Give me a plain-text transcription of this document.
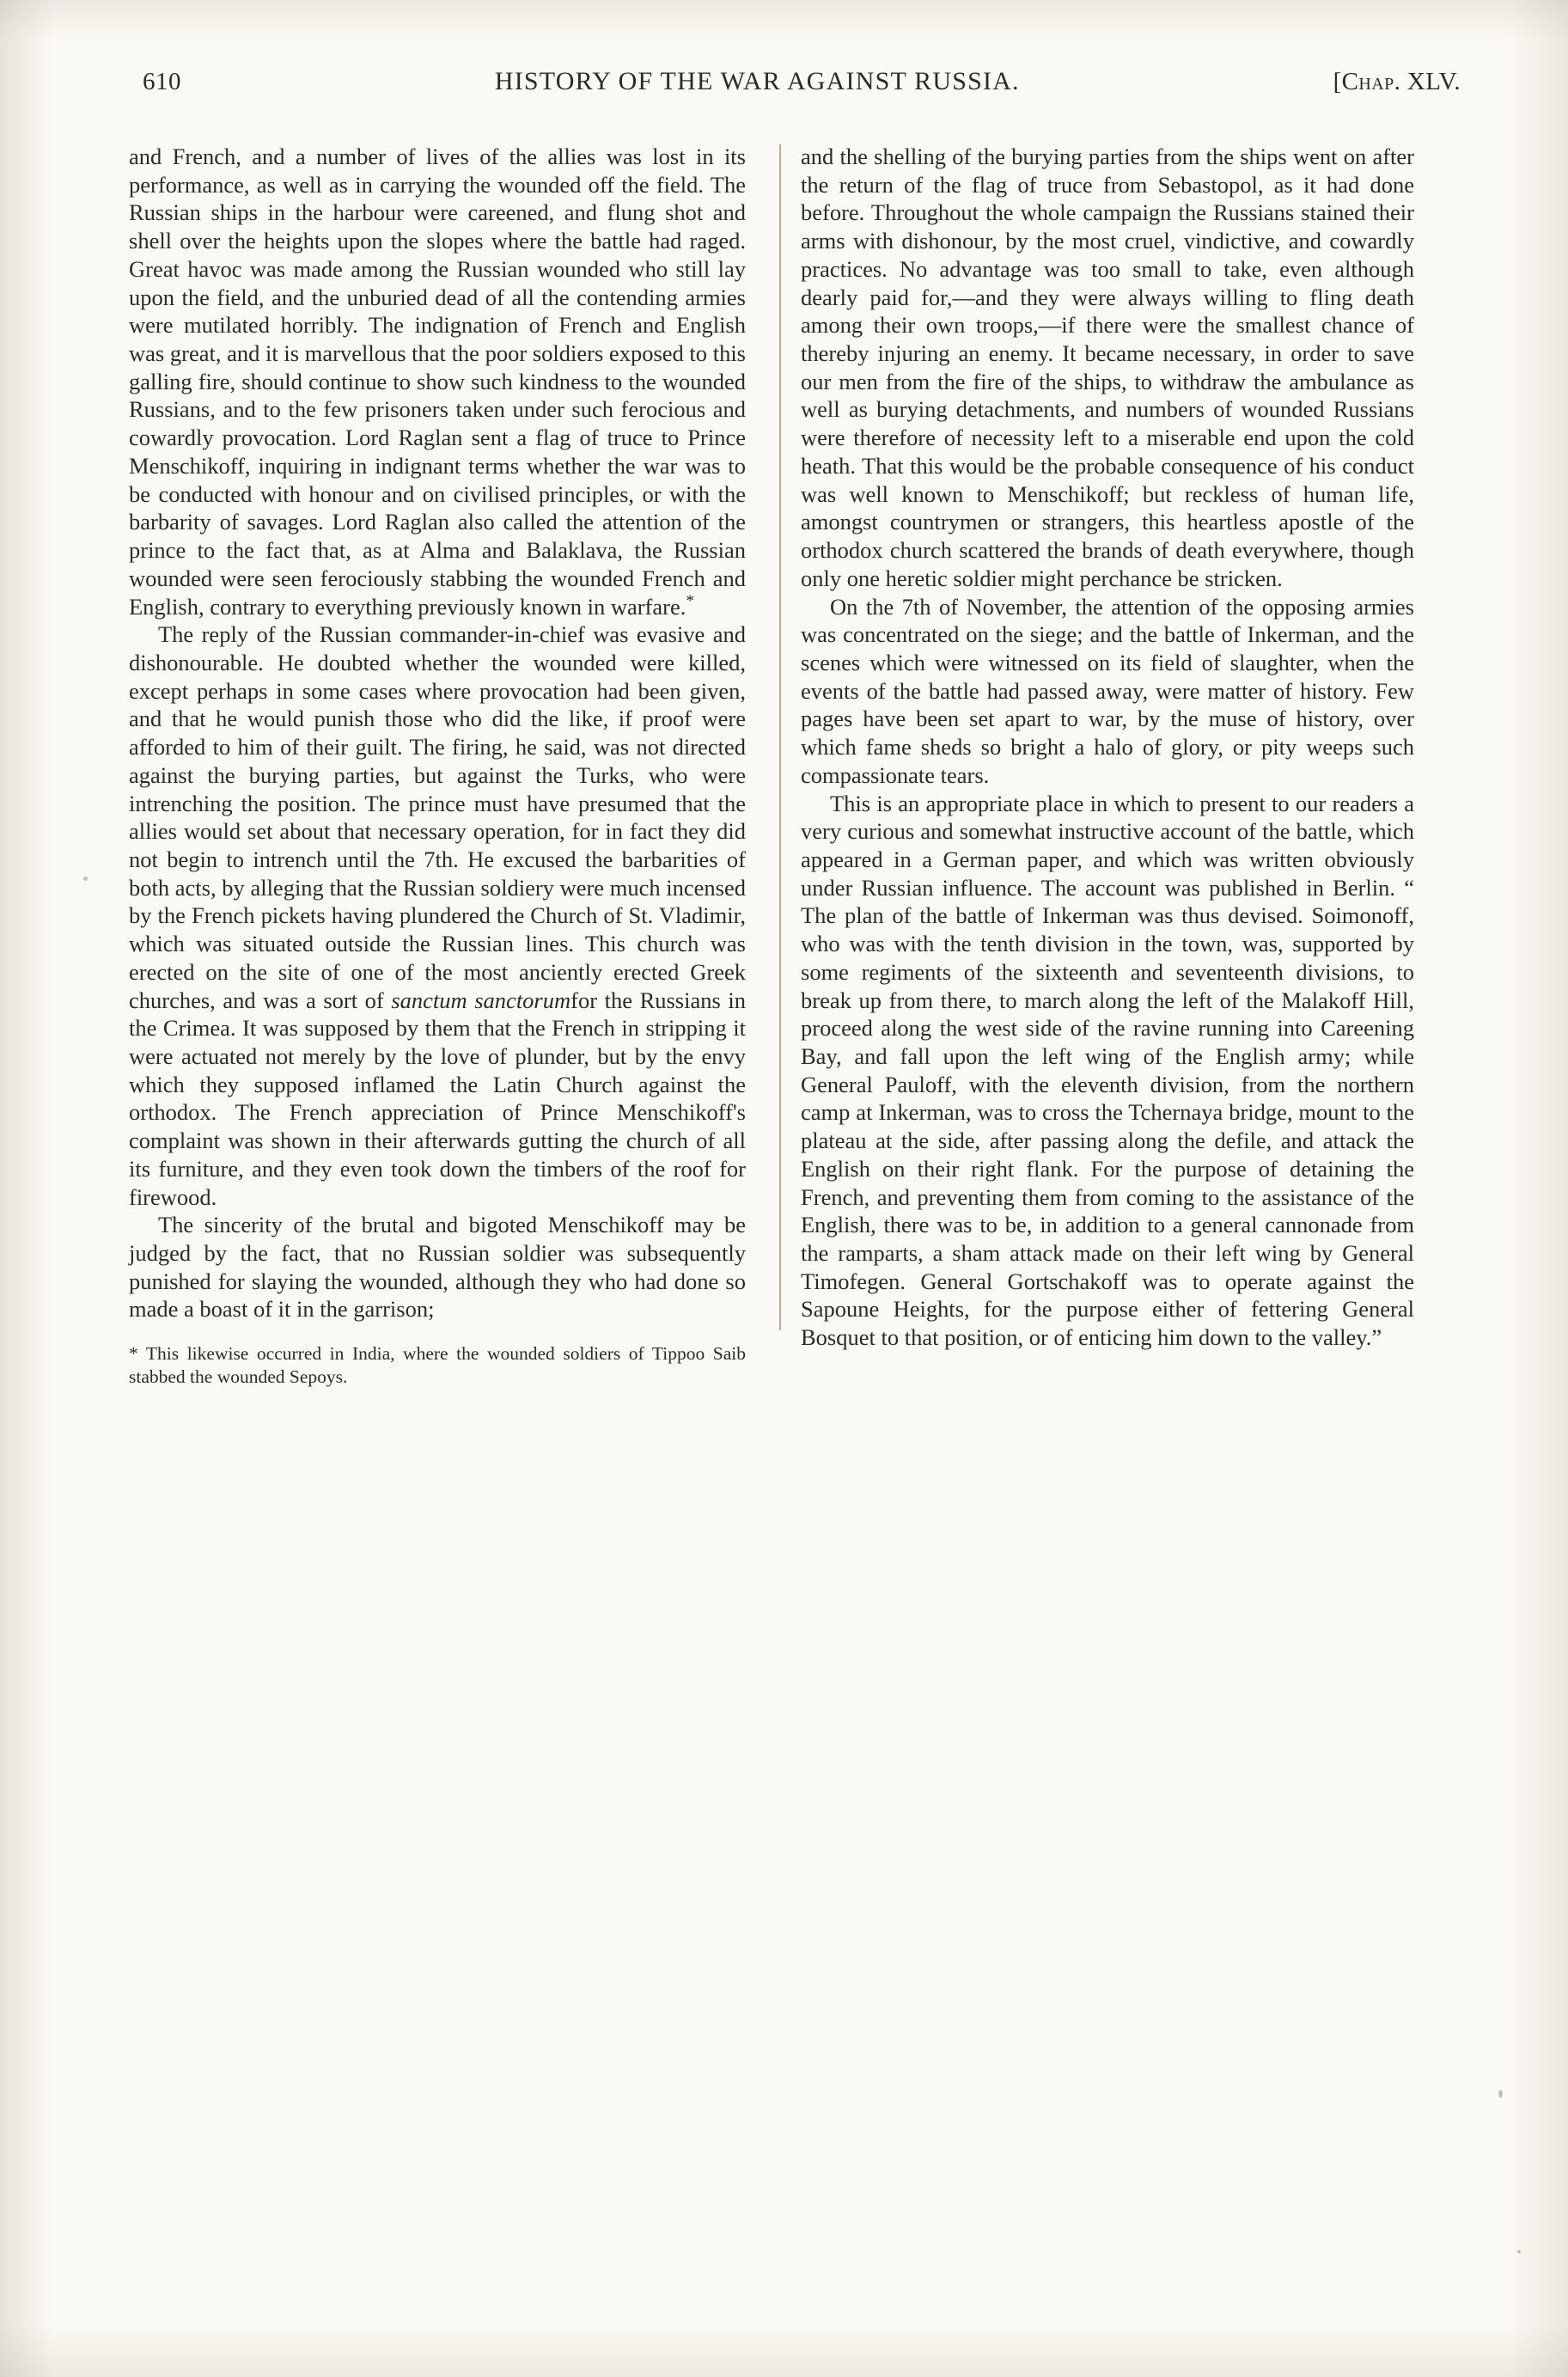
610	HISTORY OF THE WAR AGAINST RUSSIA.	[Chap. XLV.

and French, and a number of lives of the allies was lost in its performance, as well as in carrying the wounded off the field. The Russian ships in the harbour were careened, and flung shot and shell over the heights upon the slopes where the battle had raged. Great havoc was made among the Russian wounded who still lay upon the field, and the unburied dead of all the contending armies were mutilated horribly. The indignation of French and English was great, and it is marvellous that the poor soldiers exposed to this galling fire, should continue to show such kindness to the wounded Russians, and to the few prisoners taken under such ferocious and cowardly provocation. Lord Raglan sent a flag of truce to Prince Menschikoff, inquiring in indignant terms whether the war was to be conducted with honour and on civilised principles, or with the barbarity of savages. Lord Raglan also called the attention of the prince to the fact that, as at Alma and Balaklava, the Russian wounded were seen ferociously stabbing the wounded French and English, contrary to everything previously known in warfare.*

The reply of the Russian commander-in-chief was evasive and dishonourable. He doubted whether the wounded were killed, except perhaps in some cases where provocation had been given, and that he would punish those who did the like, if proof were afforded to him of their guilt. The firing, he said, was not directed against the burying parties, but against the Turks, who were intrenching the position. The prince must have presumed that the allies would set about that necessary operation, for in fact they did not begin to intrench until the 7th. He excused the barbarities of both acts, by alleging that the Russian soldiery were much incensed by the French pickets having plundered the Church of St. Vladimir, which was situated outside the Russian lines. This church was erected on the site of one of the most anciently erected Greek churches, and was a sort of sanctum sanctorumfor the Russians in the Crimea. It was supposed by them that the French in stripping it were actuated not merely by the love of plunder, but by the envy which they supposed inflamed the Latin Church against the orthodox. The French appreciation of Prince Menschikoff's complaint was shown in their afterwards gutting the church of all its furniture, and they even took down the timbers of the roof for firewood.

The sincerity of the brutal and bigoted Menschikoff may be judged by the fact, that no Russian soldier was subsequently punished for slaying the wounded, although they who had done so made a boast of it in the garrison;

* This likewise occurred in India, where the wounded soldiers of Tippoo Saib stabbed the wounded Sepoys.

and the shelling of the burying parties from the ships went on after the return of the flag of truce from Sebastopol, as it had done before. Throughout the whole campaign the Russians stained their arms with dishonour, by the most cruel, vindictive, and cowardly practices. No advantage was too small to take, even although dearly paid for,—and they were always willing to fling death among their own troops,—if there were the smallest chance of thereby injuring an enemy. It became necessary, in order to save our men from the fire of the ships, to withdraw the ambulance as well as burying detachments, and numbers of wounded Russians were therefore of necessity left to a miserable end upon the cold heath. That this would be the probable consequence of his conduct was well known to Menschikoff; but reckless of human life, amongst countrymen or strangers, this heartless apostle of the orthodox church scattered the brands of death everywhere, though only one heretic soldier might perchance be stricken.

On the 7th of November, the attention of the opposing armies was concentrated on the siege; and the battle of Inkerman, and the scenes which were witnessed on its field of slaughter, when the events of the battle had passed away, were matter of history. Few pages have been set apart to war, by the muse of history, over which fame sheds so bright a halo of glory, or pity weeps such compassionate tears.

This is an appropriate place in which to present to our readers a very curious and somewhat instructive account of the battle, which appeared in a German paper, and which was written obviously under Russian influence. The account was published in Berlin. “ The plan of the battle of Inkerman was thus devised. Soimonoff, who was with the tenth division in the town, was, supported by some regiments of the sixteenth and seventeenth divisions, to break up from there, to march along the left of the Malakoff Hill, proceed along the west side of the ravine running into Careening Bay, and fall upon the left wing of the English army; while General Pauloff, with the eleventh division, from the northern camp at Inkerman, was to cross the Tchernaya bridge, mount to the plateau at the side, after passing along the defile, and attack the English on their right flank. For the purpose of detaining the French, and preventing them from coming to the assistance of the English, there was to be, in addition to a general cannonade from the ramparts, a sham attack made on their left wing by General Timofegen. General Gortschakoff was to operate against the Sapoune Heights, for the purpose either of fettering General Bosquet to that position, or of enticing him down to the valley.”
